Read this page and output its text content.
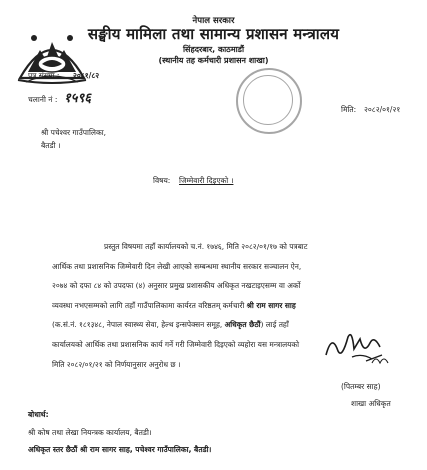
नेपाल सरकार
सङ्घीय मामिला तथा सामान्य प्रशासन मन्त्रालय
सिंहदरबार, काठमाडौं
(स्थानीय तह कर्मचारी प्रशासन शाखा)
पत्र संख्या : २०८१/८२
चलानी नं : १५९६
मिति: २०८२/०१/२१
श्री पचेश्वर गाउँपालिका,
बैतडी ।
विषय: जिम्मेवारी दिइएको ।
प्रस्तुत विषयमा तहाँ कार्यालयको च.नं. १७४६, मिति २०८२/०१/१७ को पत्रबाट
आर्थिक तथा प्रशासनिक जिम्मेवारी दिन लेखी आएको सम्बन्धमा स्थानीय सरकार सञ्चालन ऐन,
२०७४ को दफा ८४ को उपदफा (४) अनुसार प्रमुख प्रशासकीय अधिकृत नखटाइएसम्म वा अर्को
व्यवस्था नभएसम्मको लागि तहाँ गाउँपालिकामा कार्यरत वरिष्ठतम् कर्मचारी श्री राम सागर साह
(क.सं.नं. १८१३४८, नेपाल स्वास्थ्य सेवा, हेल्थ इन्सपेक्सन समूह, अधिकृत छैठौं) लाई तहाँ
कार्यालयको आर्थिक तथा प्रशासनिक कार्य गर्ने गरी जिम्मेवारी दिइएको व्यहोरा यस मन्त्रालयको
मिति २०८२/०१/२१ को निर्णयानुसार अनुरोध छ ।
(पितम्बर साह)
शाखा अधिकृत
बोधार्थ:
श्री कोष तथा लेखा नियन्त्रक कार्यालय, बैतडी।
अधिकृत स्तर छैठौं श्री राम सागर साह, पचेश्वर गाउँपालिका, बैतडी।
